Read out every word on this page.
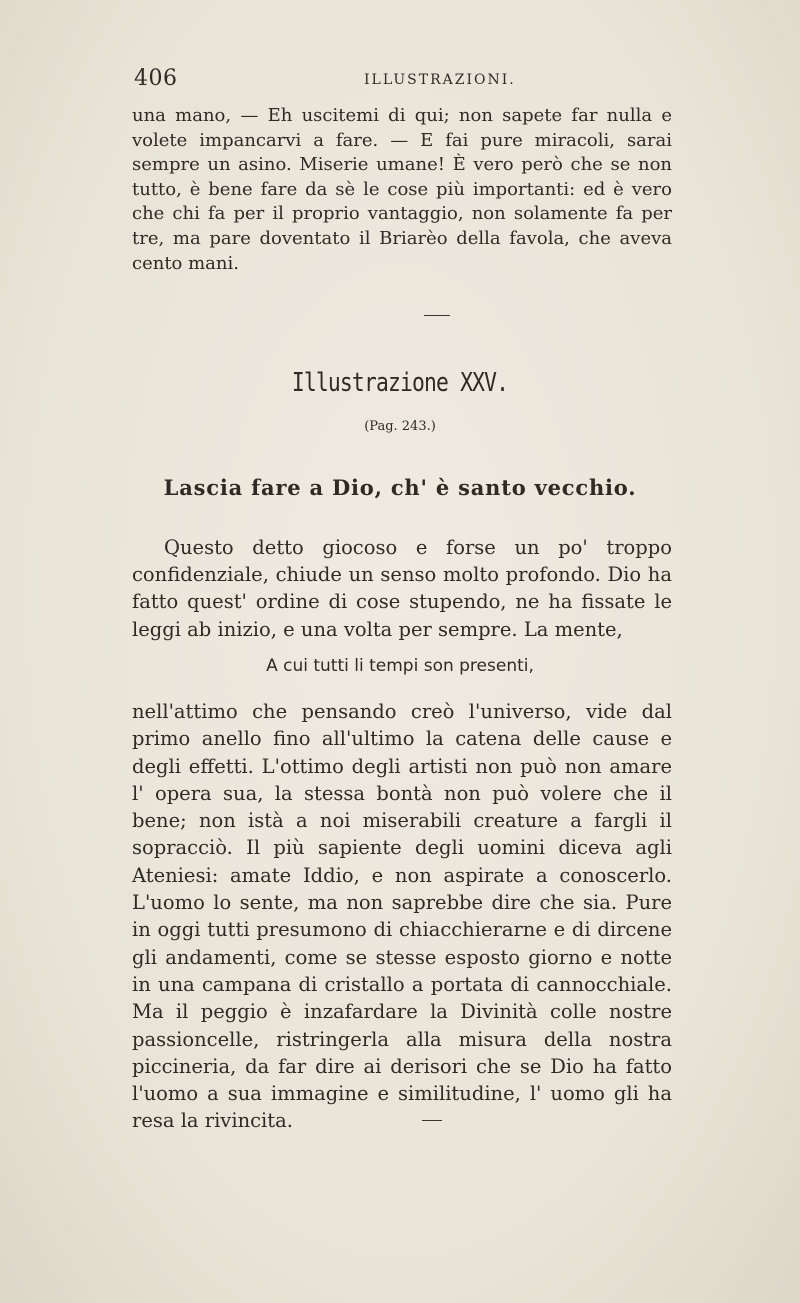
406	ILLUSTRAZIONI.

una mano, — Eh uscitemi di qui; non sapete far nulla e volete impancarvi a fare. — E fai pure miracoli, sarai sempre un asino. Miserie umane! È vero però che se non tutto, è bene fare da sè le cose più importanti: ed è vero che chi fa per il proprio vantaggio, non solamente fa per tre, ma pare doventato il Briarèo della favola, che aveva cento mani.

Illustrazione XXV.
(Pag. 243.)
Lascia fare a Dio, ch' è santo vecchio.

Questo detto giocoso e forse un po' troppo confidenziale, chiude un senso molto profondo. Dio ha fatto quest' ordine di cose stupendo, ne ha fissate le leggi ab inizio, e una volta per sempre. La mente,

A cui tutti li tempi son presenti,

nell'attimo che pensando creò l'universo, vide dal primo anello fino all'ultimo la catena delle cause e degli effetti. L'ottimo degli artisti non può non amare l' opera sua, la stessa bontà non può volere che il bene; non istà a noi miserabili creature a fargli il sopracciò. Il più sapiente degli uomini diceva agli Ateniesi: amate Iddio, e non aspirate a conoscerlo. L'uomo lo sente, ma non saprebbe dire che sia. Pure in oggi tutti presumono di chiacchierarne e di dircene gli andamenti, come se stesse esposto giorno e notte in una campana di cristallo a portata di cannocchiale. Ma il peggio è inzafardare la Divinità colle nostre passioncelle, ristringerla alla misura della nostra piccineria, da far dire ai derisori che se Dio ha fatto l'uomo a sua immagine e similitudine, l' uomo gli ha resa la rivincita.
